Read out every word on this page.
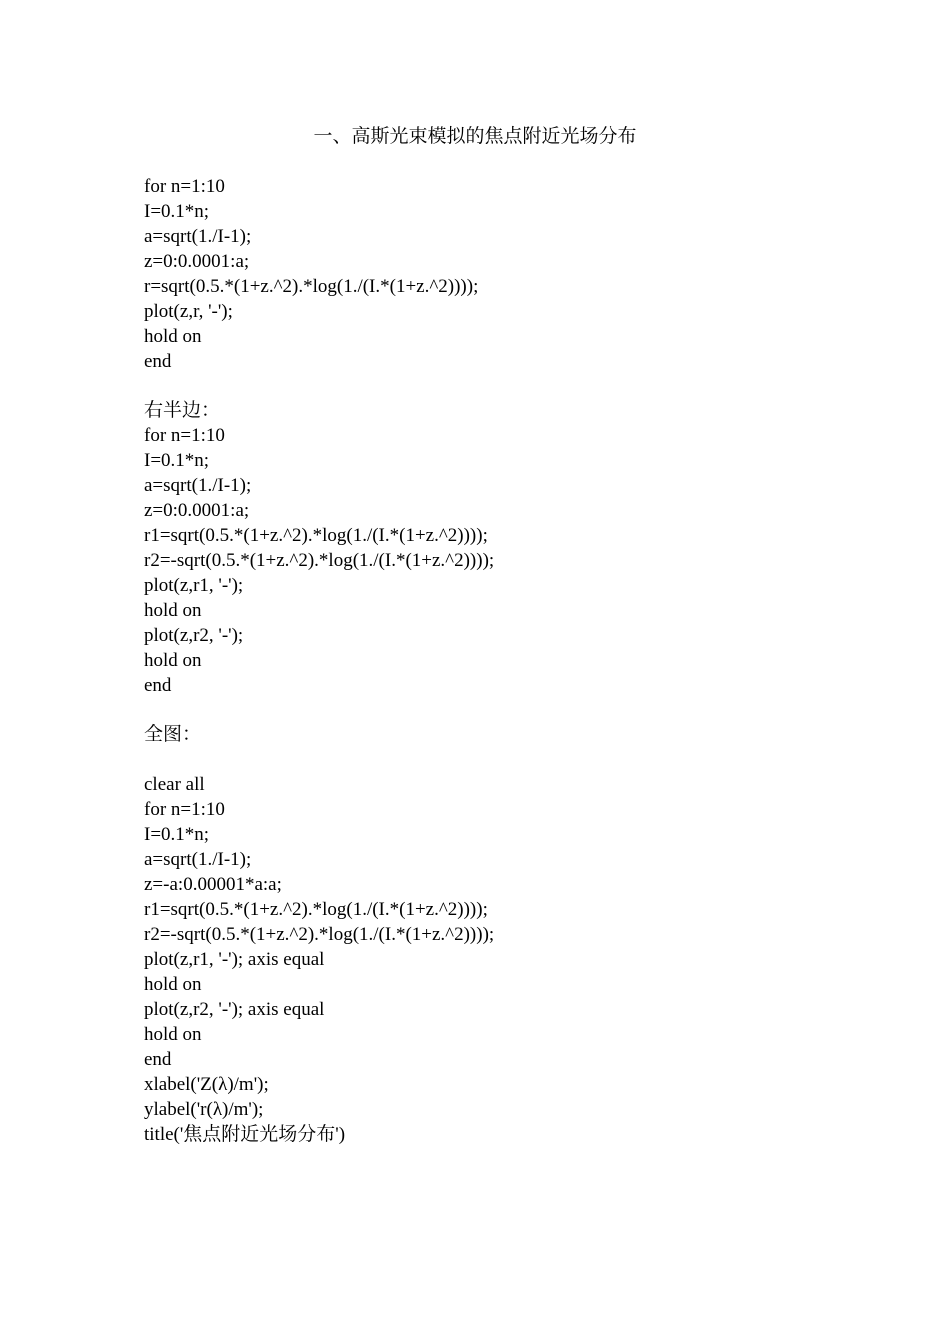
一、高斯光束模拟的焦点附近光场分布
for n=1:10
I=0.1*n;
a=sqrt(1./I-1);
z=0:0.0001:a;
r=sqrt(0.5.*(1+z.^2).*log(1./(I.*(1+z.^2))));
plot(z,r, '-');
hold on
end
右半边：
for n=1:10
I=0.1*n;
a=sqrt(1./I-1);
z=0:0.0001:a;
r1=sqrt(0.5.*(1+z.^2).*log(1./(I.*(1+z.^2))));
r2=-sqrt(0.5.*(1+z.^2).*log(1./(I.*(1+z.^2))));
plot(z,r1, '-');
hold on
plot(z,r2, '-');
hold on
end
全图：
clear all
for n=1:10
I=0.1*n;
a=sqrt(1./I-1);
z=-a:0.00001*a:a;
r1=sqrt(0.5.*(1+z.^2).*log(1./(I.*(1+z.^2))));
r2=-sqrt(0.5.*(1+z.^2).*log(1./(I.*(1+z.^2))));
plot(z,r1, '-'); axis equal
hold on
plot(z,r2, '-'); axis equal
hold on
end
xlabel('Z(λ)/m');
ylabel('r(λ)/m');
title('焦点附近光场分布')
